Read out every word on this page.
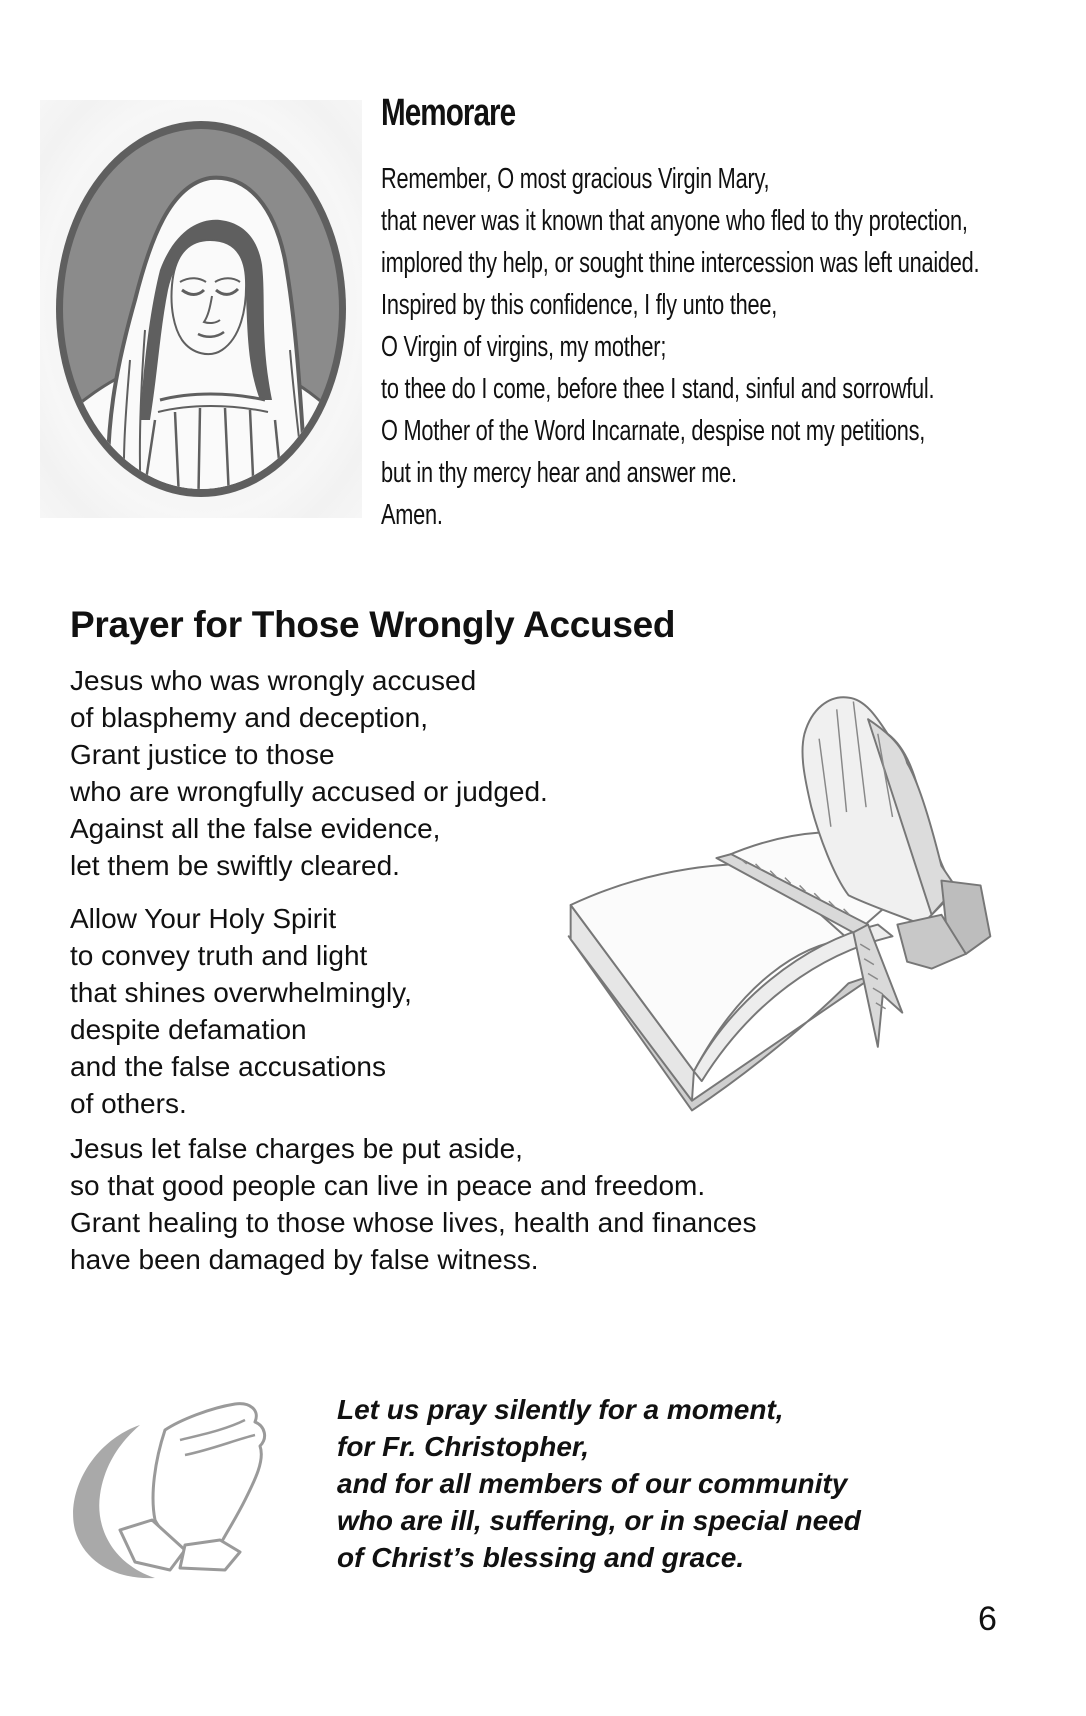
Memorare
Remember, O most gracious Virgin Mary,
that never was it known that anyone who fled to thy protection,
implored thy help, or sought thine intercession was left unaided.
Inspired by this confidence, I fly unto thee,
O Virgin of virgins, my mother;
to thee do I come, before thee I stand, sinful and sorrowful.
O Mother of the Word Incarnate, despise not my petitions,
but in thy mercy hear and answer me.
Amen.
Prayer for Those Wrongly Accused
Jesus who was wrongly accused
of blasphemy and deception,
Grant justice to those
who are wrongfully accused or judged.
Against all the false evidence,
let them be swiftly cleared.
Allow Your Holy Spirit
to convey truth and light
that shines overwhelmingly,
despite defamation
and the false accusations
of others.
Jesus let false charges be put aside,
so that good people can live in peace and freedom.
Grant healing to those whose lives, health and finances
have been damaged by false witness.
Let us pray silently for a moment,
for Fr. Christopher,
and for all members of our community
who are ill, suffering, or in special need
of Christ’s blessing and grace.
6
